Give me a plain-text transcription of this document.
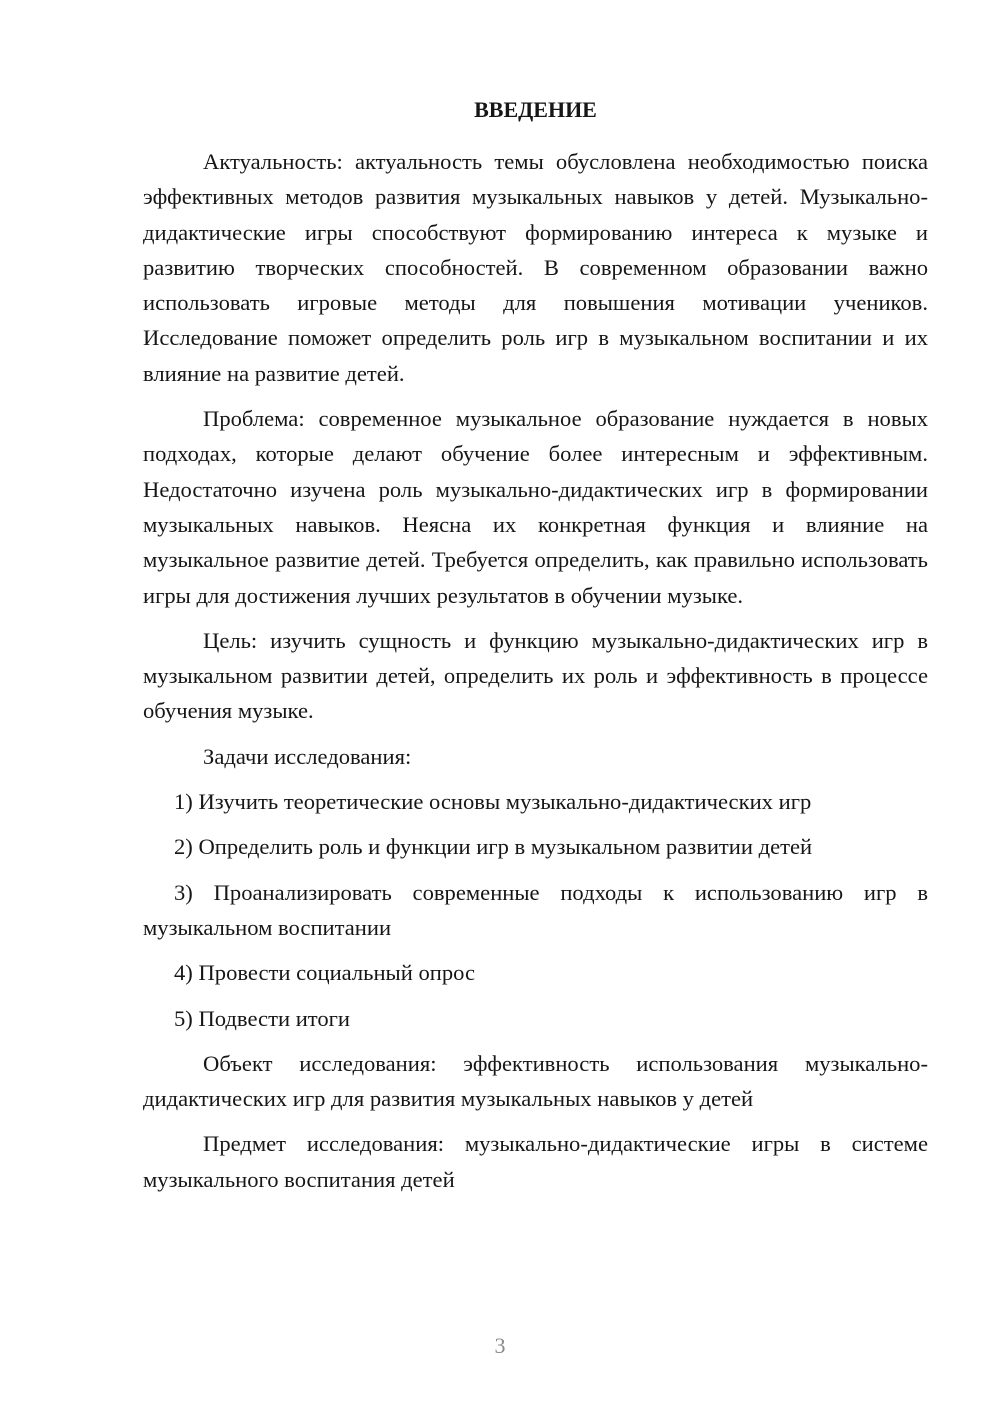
ВВЕДЕНИЕ

Актуальность: актуальность темы обусловлена необходимостью поиска эффективных методов развития музыкальных навыков у детей. Музыкально-дидактические игры способствуют формированию интереса к музыке и развитию творческих способностей. В современном образовании важно использовать игровые методы для повышения мотивации учеников. Исследование поможет определить роль игр в музыкальном воспитании и их влияние на развитие детей.

Проблема: современное музыкальное образование нуждается в новых подходах, которые делают обучение более интересным и эффективным. Недостаточно изучена роль музыкально-дидактических игр в формировании музыкальных навыков. Неясна их конкретная функция и влияние на музыкальное развитие детей. Требуется определить, как правильно использовать игры для достижения лучших результатов в обучении музыке.

Цель: изучить сущность и функцию музыкально-дидактических игр в музыкальном развитии детей, определить их роль и эффективность в процессе обучения музыке.

Задачи исследования:

1) Изучить теоретические основы музыкально-дидактических игр

2) Определить роль и функции игр в музыкальном развитии детей

3) Проанализировать современные подходы к использованию игр в музыкальном воспитании

4) Провести социальный опрос

5) Подвести итоги

Объект исследования: эффективность использования музыкально-дидактических игр для развития музыкальных навыков у детей

Предмет исследования: музыкально-дидактические игры в системе музыкального воспитания детей

3
